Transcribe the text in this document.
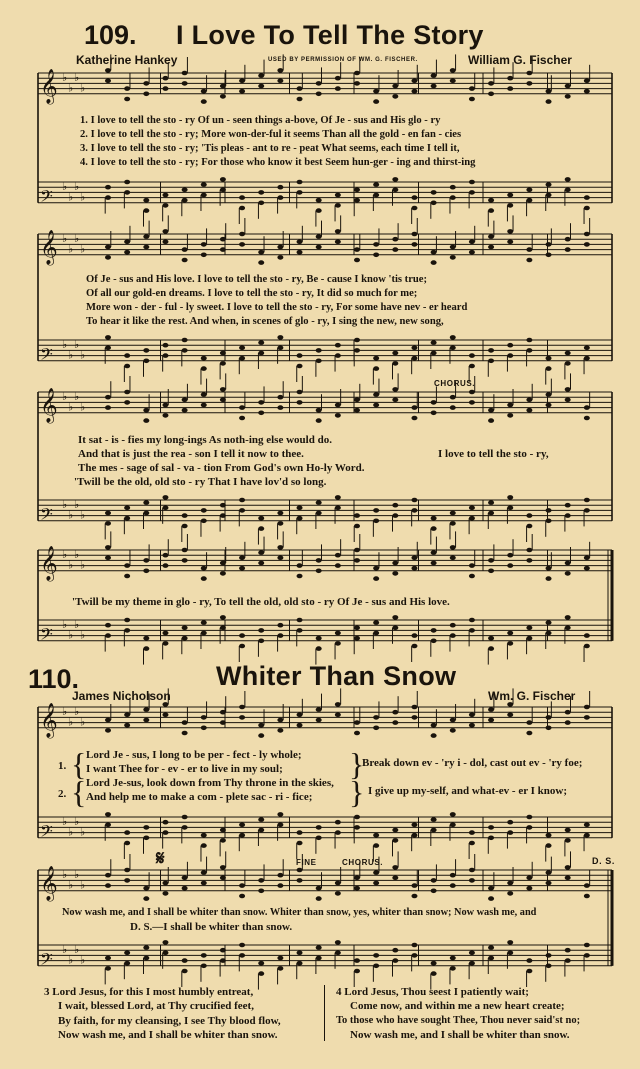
𝄞 ♭
♭
♭
♭
𝄢 ♭
♭
♭
♭
𝄞 ♭
♭
♭
♭
𝄢 ♭
♭
♭
♭
𝄞 ♭
♭
♭
♭
𝄢 ♭
♭
♭
♭
𝄞 ♭
♭
♭
♭
𝄢 ♭
♭
♭
♭
𝄞 ♭
♭
♭
♭
𝄢 ♭
♭
♭
♭
𝄞 ♭
♭
♭
♭
𝄢 ♭
♭
♭
♭
109. I Love To Tell The Story
Katherine Hankey	USED BY PERMISSION OF WM. G. FISCHER.	William G. Fischer
1. I love to tell the sto - ry Of un - seen things a-bove, Of Je - sus and His glo - ry
2. I love to tell the sto - ry; More won-der-ful it seems Than all the gold - en fan - cies
3. I love to tell the sto - ry; 'Tis pleas - ant to re - peat What seems, each time I tell it,
4. I love to tell the sto - ry; For those who know it best Seem hun-ger - ing and thirst-ing
Of Je - sus and His love. I love to tell the sto - ry, Be - cause I know 'tis true;
Of all our gold-en dreams. I love to tell the sto - ry, It did so much for me;
More won - der - ful - ly sweet. I love to tell the sto - ry, For some have nev - er heard
To hear it like the rest. And when, in scenes of glo - ry, I sing the new, new song,
CHORUS.
It sat - is - fies my long-ings As noth-ing else would do.
And that is just the rea - son I tell it now to thee.
The mes - sage of sal - va - tion From God's own Ho-ly Word.
'Twill be the old, old sto - ry That I have lov'd so long.
I love to tell the sto - ry,
'Twill be my theme in glo - ry, To tell the old, old sto - ry Of Je - sus and His love.
110.	Whiter Than Snow
James Nicholson	Wm. G. Fischer
1. { Lord Je - sus, I long to be per - fect - ly whole;
I want Thee for - ev - er to live in my soul; }
Break down ev - 'ry i - dol, cast out ev - 'ry foe;
2. { Lord Je-sus, look down from Thy throne in the skies,
And help me to make a com - plete sac - ri - fice; } I give up my-self, and what-ev - er I know;
𝄋	FINE	CHORUS.	D. S.
Now wash me, and I shall be whiter than snow. Whiter than snow, yes, whiter than snow; Now wash me, and
D. S.—I shall be whiter than snow.
3 Lord Jesus, for this I most humbly entreat,
I wait, blessed Lord, at Thy crucified feet,
By faith, for my cleansing, I see Thy blood flow,
Now wash me, and I shall be whiter than snow.
4 Lord Jesus, Thou seest I patiently wait;
Come now, and within me a new heart create;
To those who have sought Thee, Thou never said'st no;
Now wash me, and I shall be whiter than snow.
